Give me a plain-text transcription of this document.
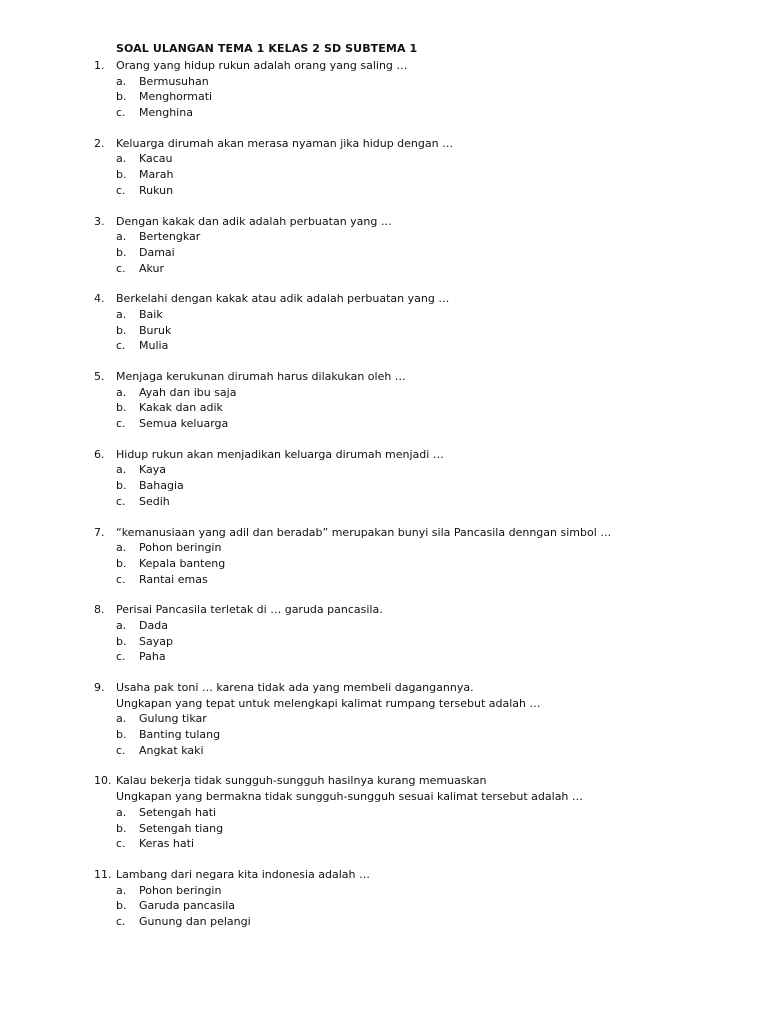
SOAL ULANGAN TEMA 1 KELAS 2 SD SUBTEMA 1
1.	Orang yang hidup rukun adalah orang yang saling …
a. Bermusuhan
b. Menghormati
c. Menghina
2.	Keluarga dirumah akan merasa nyaman jika hidup dengan …
a. Kacau
b. Marah
c. Rukun
3.	Dengan kakak dan adik adalah perbuatan yang …
a. Bertengkar
b. Damai
c. Akur
4.	Berkelahi dengan kakak atau adik adalah perbuatan yang …
a. Baik
b. Buruk
c. Mulia
5.	Menjaga kerukunan dirumah harus dilakukan oleh …
a. Ayah dan ibu saja
b. Kakak dan adik
c. Semua keluarga
6.	Hidup rukun akan menjadikan keluarga dirumah menjadi …
a. Kaya
b. Bahagia
c. Sedih
7.	“kemanusiaan yang adil dan beradab” merupakan bunyi sila Pancasila denngan simbol …
a. Pohon beringin
b. Kepala banteng
c. Rantai emas
8.	Perisai Pancasila terletak di … garuda pancasila.
a. Dada
b. Sayap
c. Paha
9.	Usaha pak toni … karena tidak ada yang membeli dagangannya.
Ungkapan yang tepat untuk melengkapi kalimat rumpang tersebut adalah …
a. Gulung tikar
b. Banting tulang
c. Angkat kaki
10. Kalau bekerja tidak sungguh-sungguh hasilnya kurang memuaskan
Ungkapan yang bermakna tidak sungguh-sungguh sesuai kalimat tersebut adalah …
a. Setengah hati
b. Setengah tiang
c. Keras hati
11. Lambang dari negara kita indonesia adalah …
a. Pohon beringin
b. Garuda pancasila
c. Gunung dan pelangi
